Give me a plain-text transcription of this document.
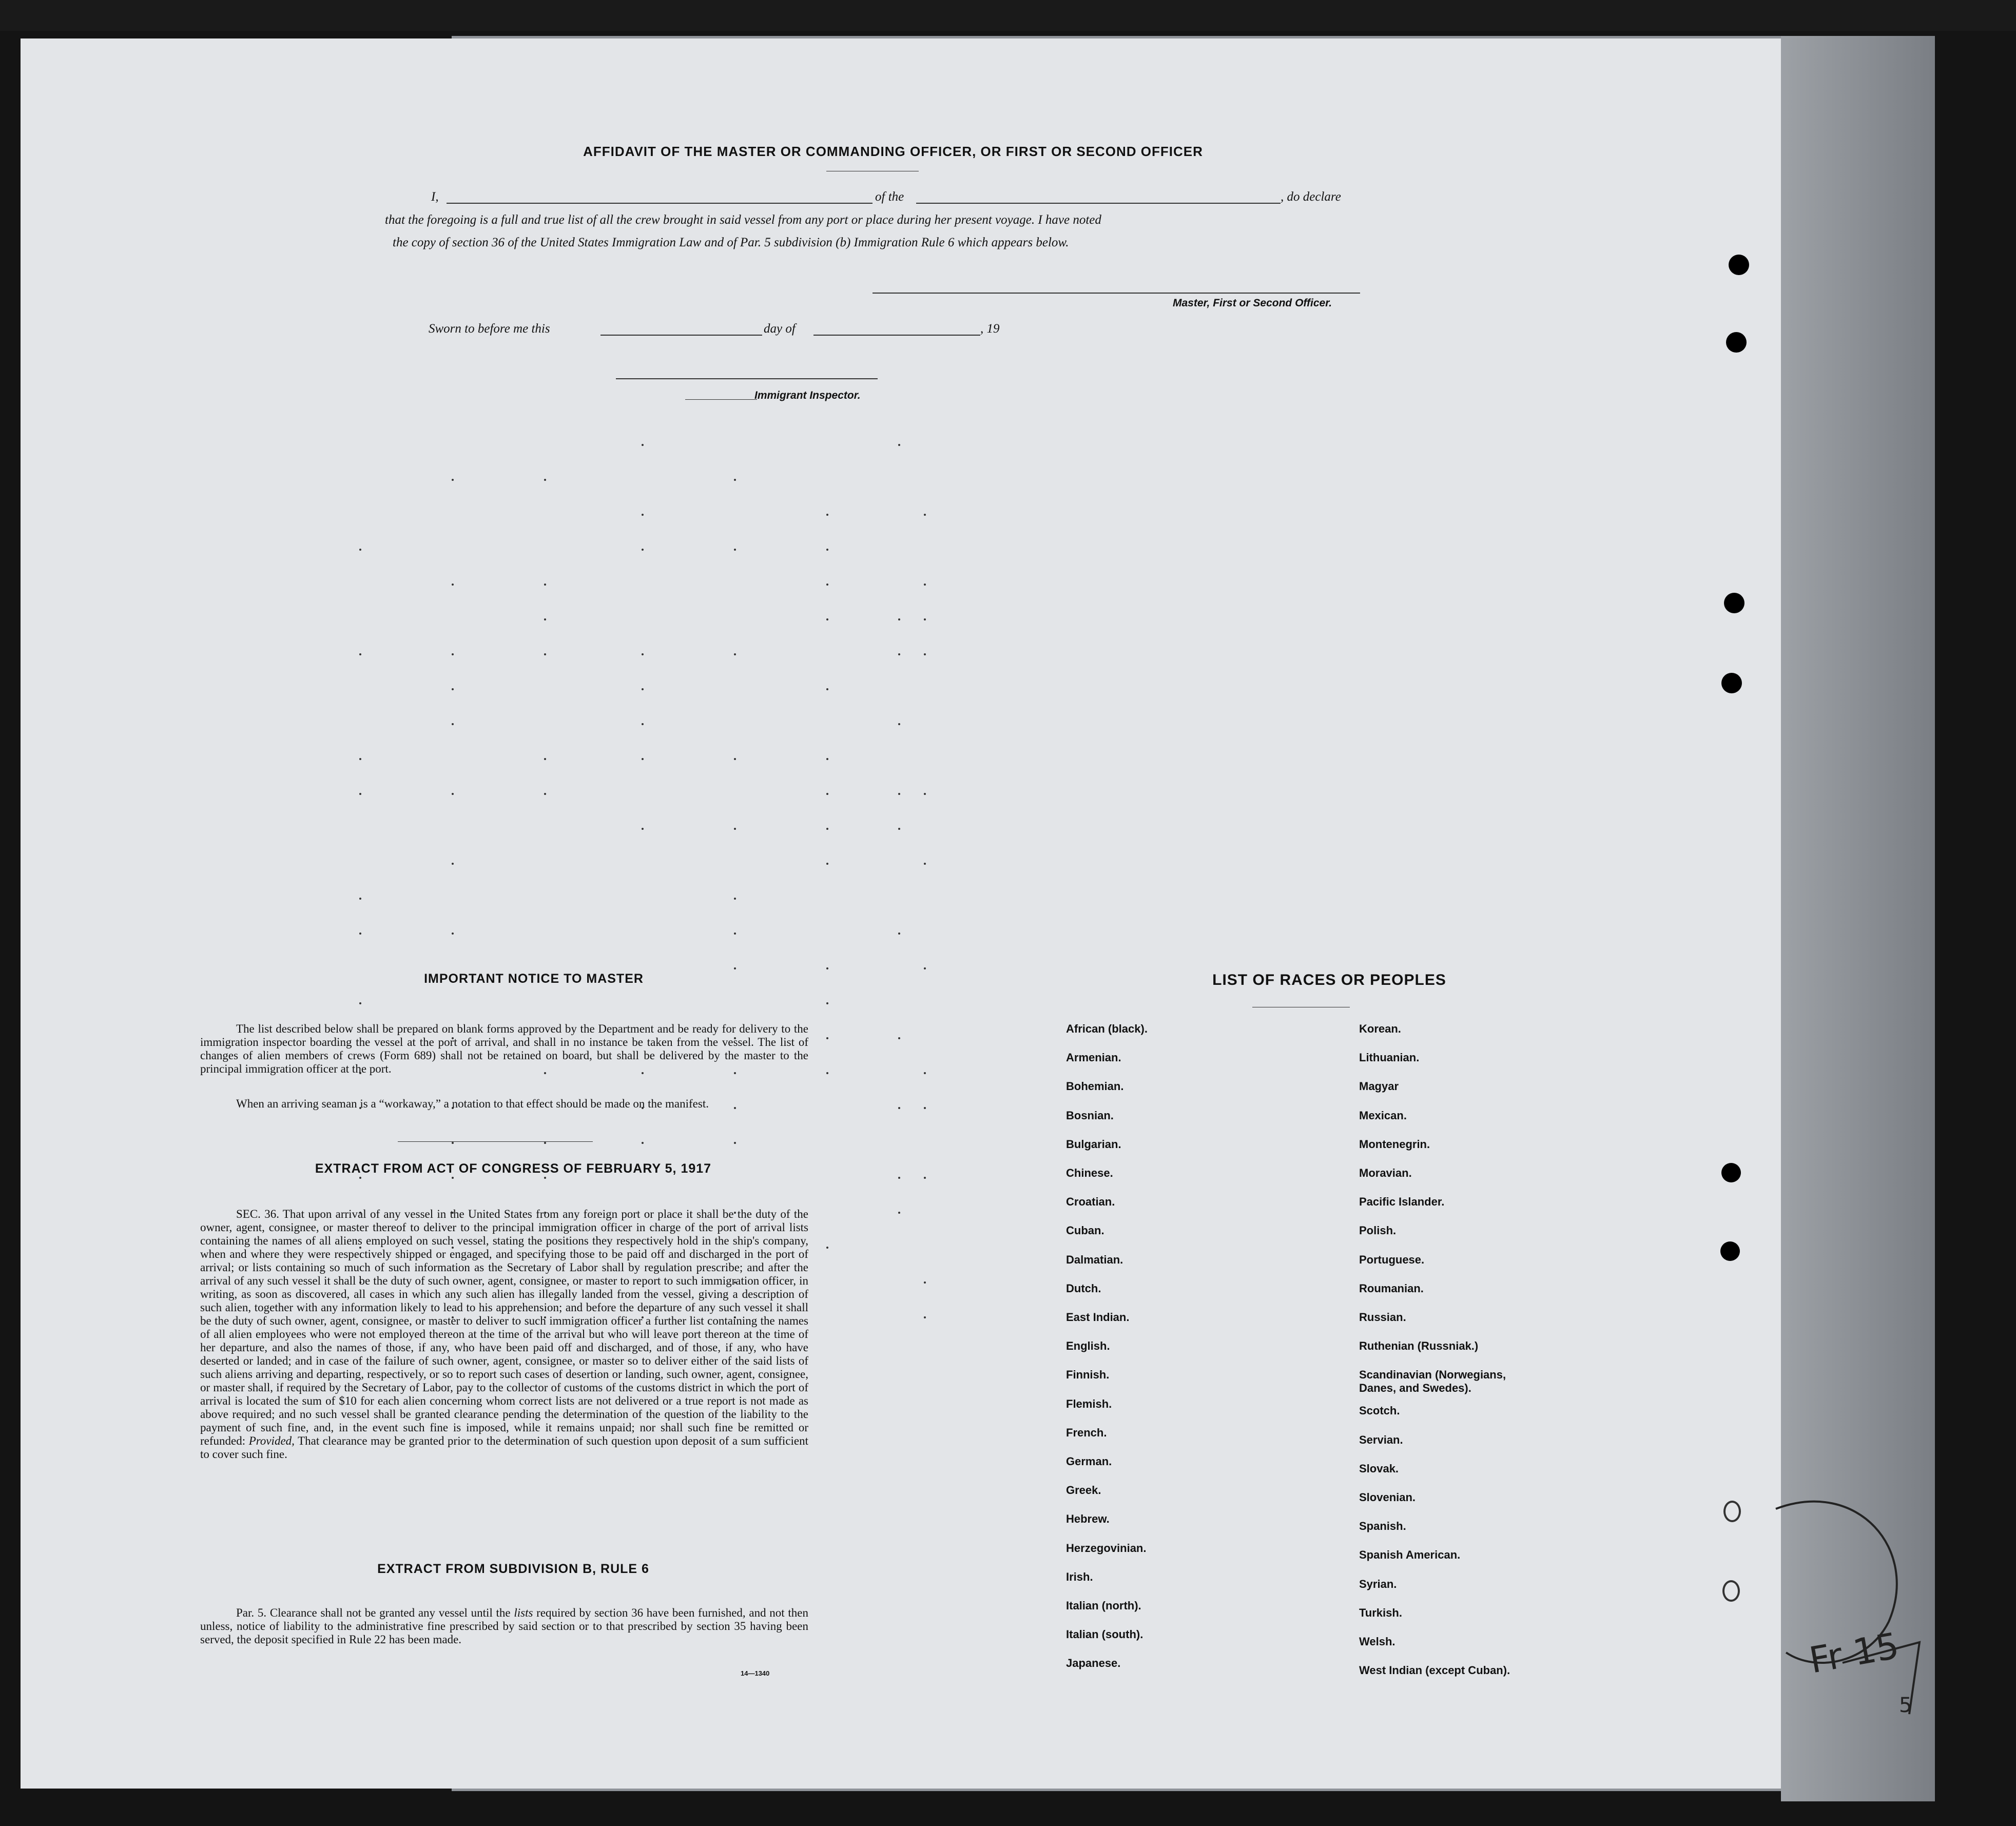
AFFIDAVIT OF THE MASTER OR COMMANDING OFFICER, OR FIRST OR SECOND OFFICER
I,	of the	, do declare
that the foregoing is a full and true list of all the crew brought in said vessel from any port or place during her present voyage. I have noted
the copy of section 36 of the United States Immigration Law and of Par. 5 subdivision (b) Immigration Rule 6 which appears below.
Master, First or Second Officer.
Sworn to before me this	day of	, 19
Immigrant Inspector.
IMPORTANT NOTICE TO MASTER
The list described below shall be prepared on blank forms approved by the Department and be ready for delivery to the immigration inspector boarding the vessel at the port of arrival, and shall in no instance be taken from the vessel. The list of changes of alien members of crews (Form 689) shall not be retained on board, but shall be delivered by the master to the principal immigration officer at the port.
When an arriving seaman is a “workaway,” a notation to that effect should be made on the manifest.
EXTRACT FROM ACT OF CONGRESS OF FEBRUARY 5, 1917
SEC. 36. That upon arrival of any vessel in the United States from any foreign port or place it shall be the duty of the owner, agent, consignee, or master thereof to deliver to the principal immigration officer in charge of the port of arrival lists containing the names of all aliens employed on such vessel, stating the positions they respectively hold in the ship's company, when and where they were respectively shipped or engaged, and specifying those to be paid off and discharged in the port of arrival; or lists containing so much of such information as the Secretary of Labor shall by regulation prescribe; and after the arrival of any such vessel it shall be the duty of such owner, agent, consignee, or master to report to such immigration officer, in writing, as soon as discovered, all cases in which any such alien has illegally landed from the vessel, giving a description of such alien, together with any information likely to lead to his apprehension; and before the departure of any such vessel it shall be the duty of such owner, agent, consignee, or master to deliver to such immigration officer a further list containing the names of all alien employees who were not employed thereon at the time of the arrival but who will leave port thereon at the time of her departure, and also the names of those, if any, who have been paid off and discharged, and of those, if any, who have deserted or landed; and in case of the failure of such owner, agent, consignee, or master so to deliver either of the said lists of such aliens arriving and departing, respectively, or so to report such cases of desertion or landing, such owner, agent, consignee, or master shall, if required by the Secretary of Labor, pay to the collector of customs of the customs district in which the port of arrival is located the sum of $10 for each alien concerning whom correct lists are not delivered or a true report is not made as above required; and no such vessel shall be granted clearance pending the determination of the question of the liability to the payment of such fine, and, in the event such fine is imposed, while it remains unpaid; nor shall such fine be remitted or refunded: Provided, That clearance may be granted prior to the determination of such question upon deposit of a sum sufficient to cover such fine.
EXTRACT FROM SUBDIVISION B, RULE 6
Par. 5. Clearance shall not be granted any vessel until the lists required by section 36 have been furnished, and not then unless, notice of liability to the administrative fine prescribed by said section or to that prescribed by section 35 having been served, the deposit specified in Rule 22 has been made.
14—1340
LIST OF RACES OR PEOPLES
African (black).
Armenian.
Bohemian.
Bosnian.
Bulgarian.
Chinese.
Croatian.
Cuban.
Dalmatian.
Dutch.
East Indian.
English.
Finnish.
Flemish.
French.
German.
Greek.
Hebrew.
Herzegovinian.
Irish.
Italian (north).
Italian (south).
Japanese.
Korean.
Lithuanian.
Magyar
Mexican.
Montenegrin.
Moravian.
Pacific Islander.
Polish.
Portuguese.
Roumanian.
Russian.
Ruthenian (Russniak.)
Scandinavian (Norwegians, Danes, and Swedes).
Scotch.
Servian.
Slovak.
Slovenian.
Spanish.
Spanish American.
Syrian.
Turkish.
Welsh.
West Indian (except Cuban).	Fr 15
5
